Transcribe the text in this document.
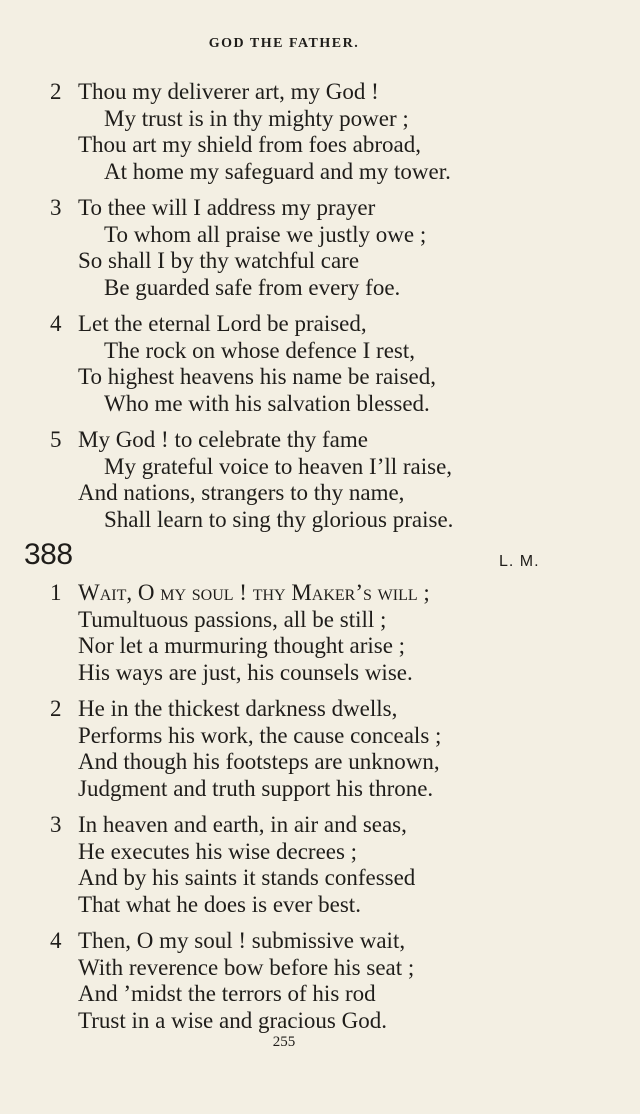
GOD THE FATHER.
2 Thou my deliverer art, my God !
My trust is in thy mighty power ;
Thou art my shield from foes abroad,
At home my safeguard and my tower.
3 To thee will I address my prayer
To whom all praise we justly owe ;
So shall I by thy watchful care
Be guarded safe from every foe.
4 Let the eternal Lord be praised,
The rock on whose defence I rest,
To highest heavens his name be raised,
Who me with his salvation blessed.
5 My God ! to celebrate thy fame
My grateful voice to heaven I’ll raise,
And nations, strangers to thy name,
Shall learn to sing thy glorious praise.
388	L. M.
1 Wait, O my soul ! thy Maker’s will ;
Tumultuous passions, all be still ;
Nor let a murmuring thought arise ;
His ways are just, his counsels wise.
2 He in the thickest darkness dwells,
Performs his work, the cause conceals ;
And though his footsteps are unknown,
Judgment and truth support his throne.
3 In heaven and earth, in air and seas,
He executes his wise decrees ;
And by his saints it stands confessed
That what he does is ever best.
4 Then, O my soul ! submissive wait,
With reverence bow before his seat ;
And ’midst the terrors of his rod
Trust in a wise and gracious God.
255
